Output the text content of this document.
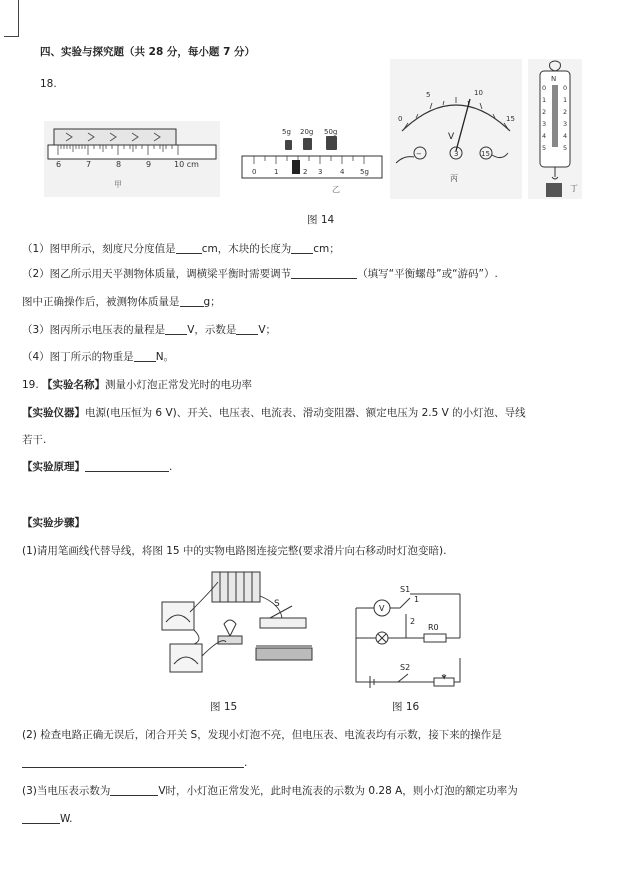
四、实验与探究题（共 28 分，每小题 7 分）
18.
6	7	8	9	10 cm
甲
5g 20g 50g
0	1	2 3	4 5g
乙
0
5	10
15
V
−	3	15
丙
N
0
1
2
3
4
5
0
1
2
3
4
5
丁
图 14
（1）图甲所示，刻度尺分度值是 cm，木块的长度为 cm；
（2）图乙所示用天平测物体质量，调横梁平衡时需要调节	（填写“平衡螺母”或“游码”）.
图中正确操作后，被测物体质量是 g；
（3）图丙所示电压表的量程是 V，示数是 V；
（4）图丁所示的物重是 N。
19. 【实验名称】测量小灯泡正常发光时的电功率
【实验仪器】电源(电压恒为 6 V)、开关、电压表、电流表、滑动变阻器、额定电压为 2.5 V 的小灯泡、导线
若干.
【实验原理】	.
【实验步骤】
(1)请用笔画线代替导线，将图 15 中的实物电路图连接完整(要求滑片向右移动时灯泡变暗).
S
图 15
V
S1
1
2
R0
S2
图 16
(2) 检查电路正确无误后，闭合开关 S，发现小灯泡不亮，但电压表、电流表均有示数，接下来的操作是
.
(3)当电压表示数为	V时，小灯泡正常发光，此时电流表的示数为 0.28 A，则小灯泡的额定功率为
W.
